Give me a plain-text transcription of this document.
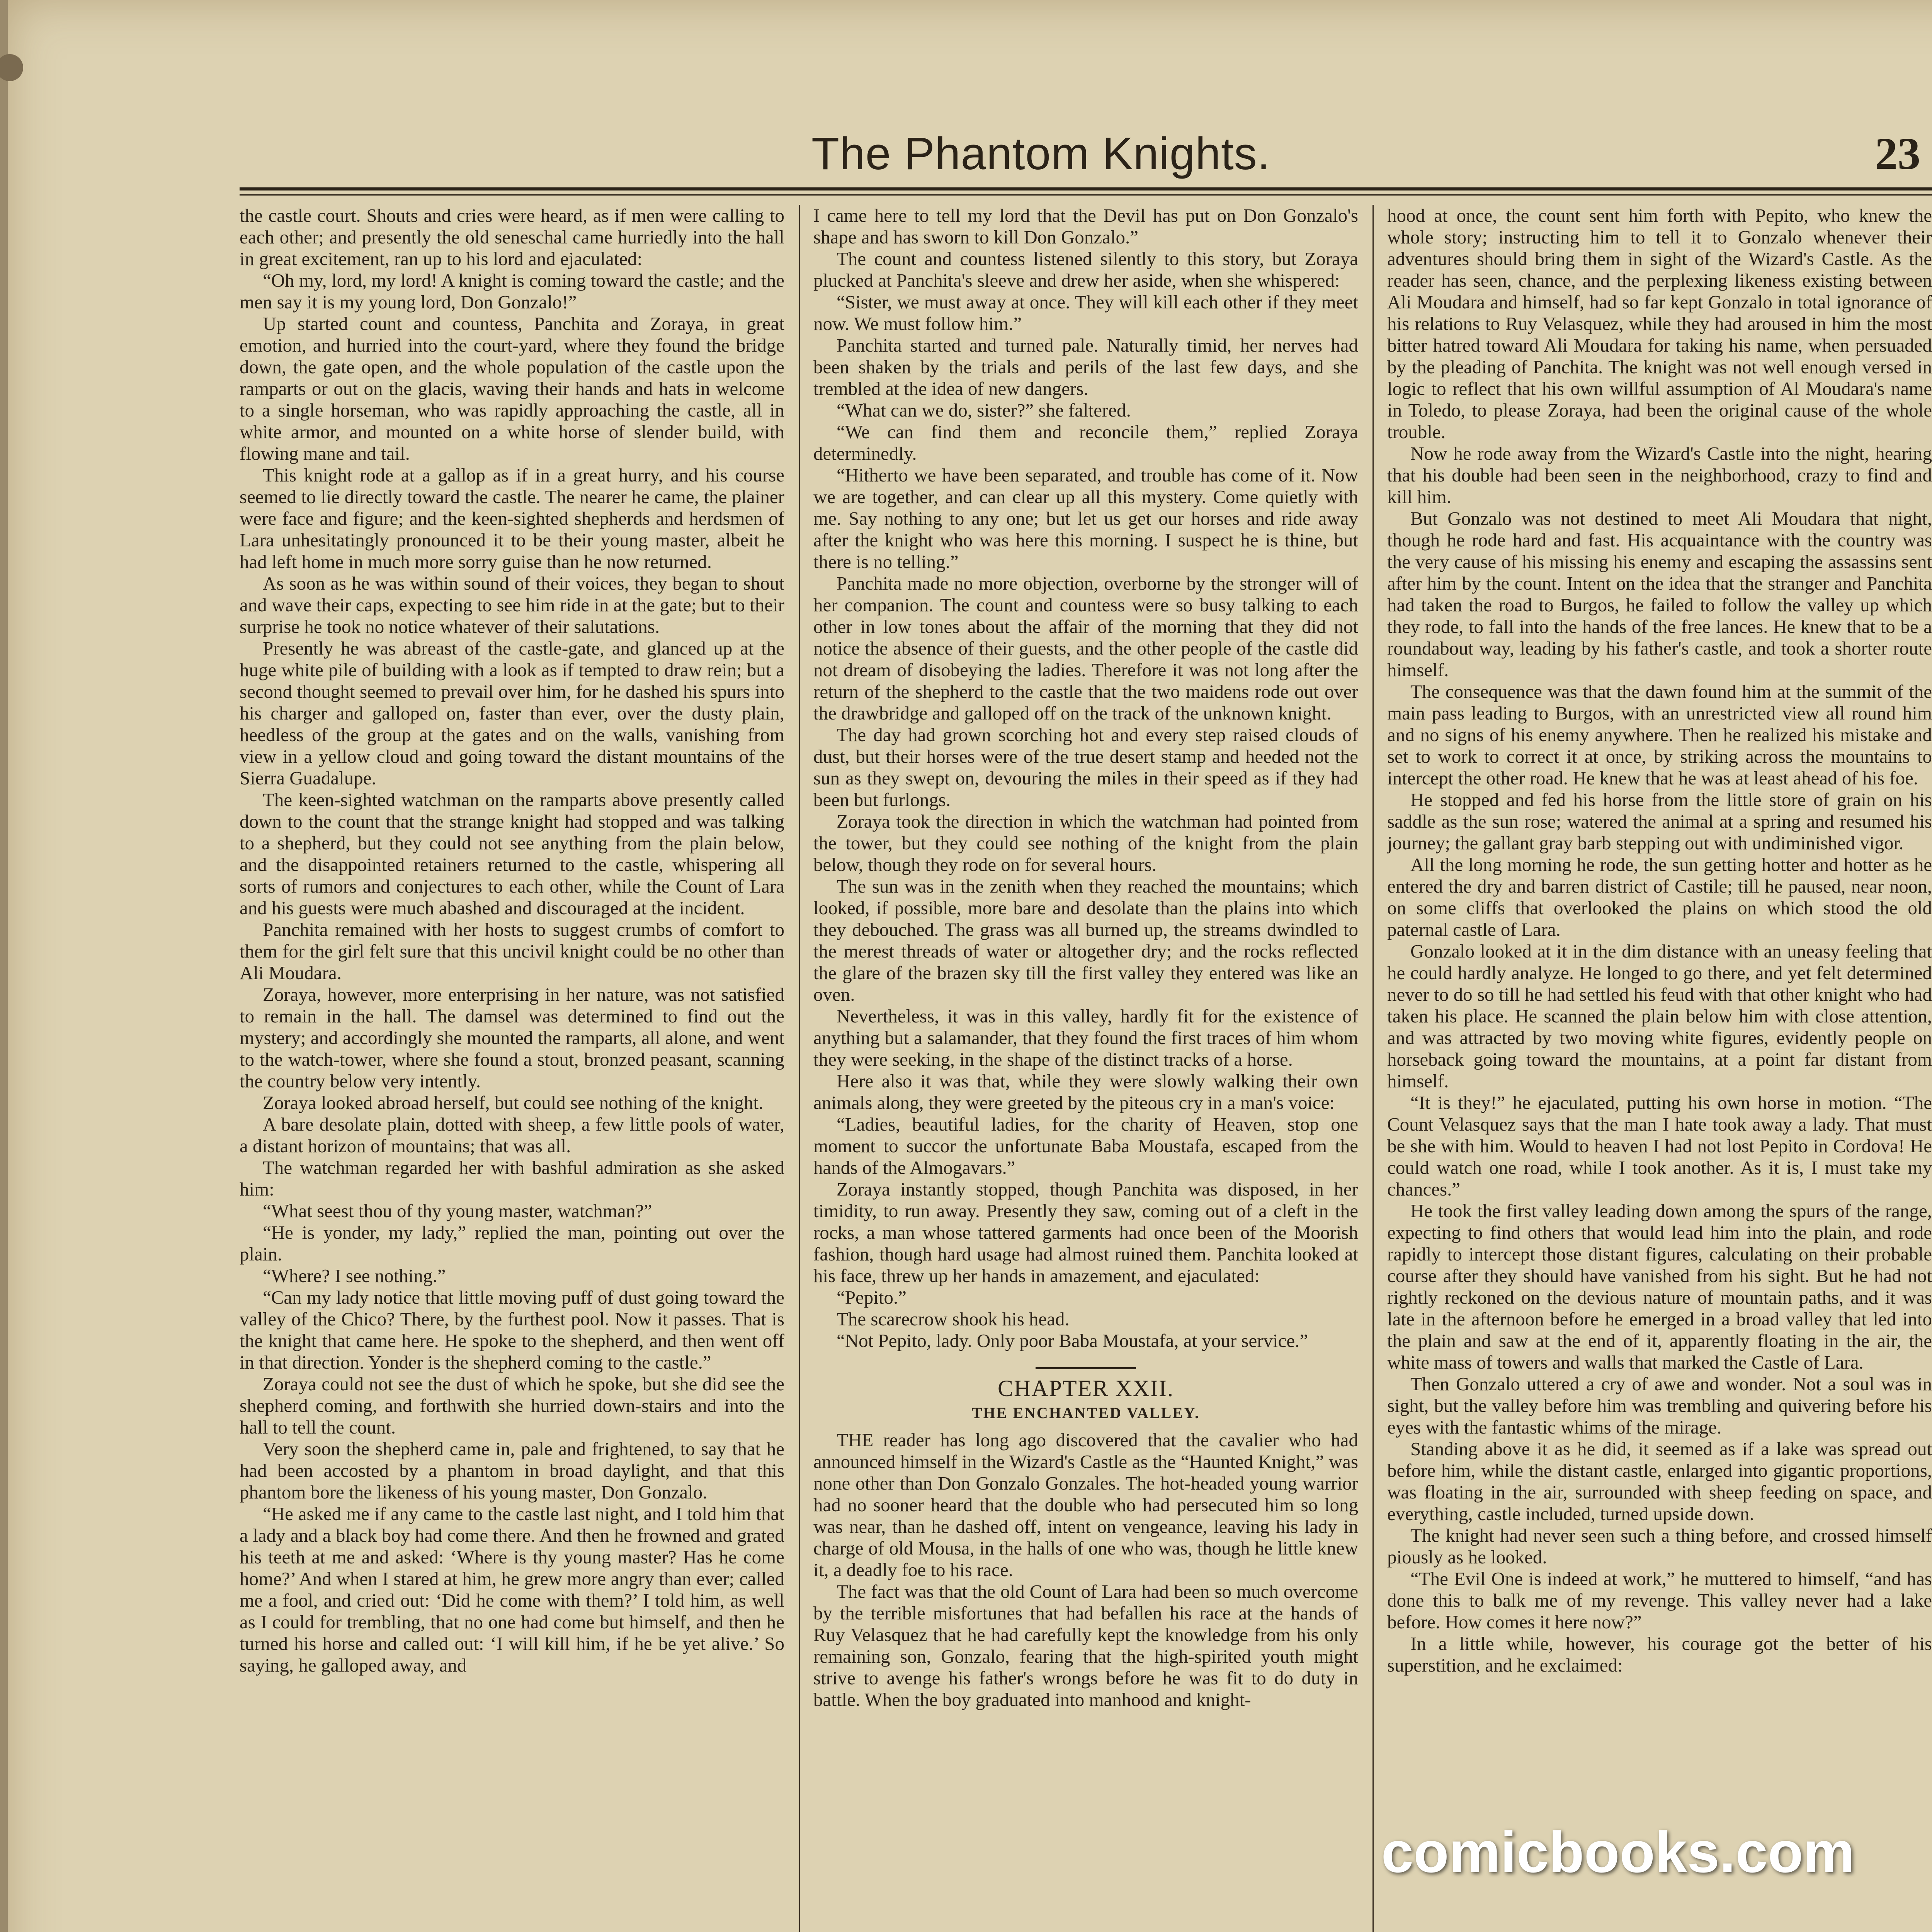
The Phantom Knights.	23

the castle court. Shouts and cries were heard, as if men were calling to each other; and presently the old seneschal came hurriedly into the hall in great excitement, ran up to his lord and ejaculated:

“Oh my, lord, my lord! A knight is coming toward the castle; and the men say it is my young lord, Don Gonzalo!”

Up started count and countess, Panchita and Zoraya, in great emotion, and hurried into the court-yard, where they found the bridge down, the gate open, and the whole population of the castle upon the ramparts or out on the glacis, waving their hands and hats in welcome to a single horseman, who was rapidly approaching the castle, all in white armor, and mounted on a white horse of slender build, with flowing mane and tail.

This knight rode at a gallop as if in a great hurry, and his course seemed to lie directly toward the castle. The nearer he came, the plainer were face and figure; and the keen-sighted shepherds and herdsmen of Lara unhesitatingly pronounced it to be their young master, albeit he had left home in much more sorry guise than he now returned.

As soon as he was within sound of their voices, they began to shout and wave their caps, expecting to see him ride in at the gate; but to their surprise he took no notice whatever of their salutations.

Presently he was abreast of the castle-gate, and glanced up at the huge white pile of building with a look as if tempted to draw rein; but a second thought seemed to prevail over him, for he dashed his spurs into his charger and galloped on, faster than ever, over the dusty plain, heedless of the group at the gates and on the walls, vanishing from view in a yellow cloud and going toward the distant mountains of the Sierra Guadalupe.

The keen-sighted watchman on the ramparts above presently called down to the count that the strange knight had stopped and was talking to a shepherd, but they could not see anything from the plain below, and the disappointed retainers returned to the castle, whispering all sorts of rumors and conjectures to each other, while the Count of Lara and his guests were much abashed and discouraged at the incident.

Panchita remained with her hosts to suggest crumbs of comfort to them for the girl felt sure that this uncivil knight could be no other than Ali Moudara.

Zoraya, however, more enterprising in her nature, was not satisfied to remain in the hall. The damsel was determined to find out the mystery; and accordingly she mounted the ramparts, all alone, and went to the watch-tower, where she found a stout, bronzed peasant, scanning the country below very intently.

Zoraya looked abroad herself, but could see nothing of the knight.

A bare desolate plain, dotted with sheep, a few little pools of water, a distant horizon of mountains; that was all.

The watchman regarded her with bashful admiration as she asked him:

“What seest thou of thy young master, watchman?”

“He is yonder, my lady,” replied the man, pointing out over the plain.

“Where? I see nothing.”

“Can my lady notice that little moving puff of dust going toward the valley of the Chico? There, by the furthest pool. Now it passes. That is the knight that came here. He spoke to the shepherd, and then went off in that direction. Yonder is the shepherd coming to the castle.”

Zoraya could not see the dust of which he spoke, but she did see the shepherd coming, and forthwith she hurried down-stairs and into the hall to tell the count.

Very soon the shepherd came in, pale and frightened, to say that he had been accosted by a phantom in broad daylight, and that this phantom bore the likeness of his young master, Don Gonzalo.

“He asked me if any came to the castle last night, and I told him that a lady and a black boy had come there. And then he frowned and grated his teeth at me and asked: ‘Where is thy young master? Has he come home?’ And when I stared at him, he grew more angry than ever; called me a fool, and cried out: ‘Did he come with them?’ I told him, as well as I could for trembling, that no one had come but himself, and then he turned his horse and called out: ‘I will kill him, if he be yet alive.’ So saying, he galloped away, and

I came here to tell my lord that the Devil has put on Don Gonzalo's shape and has sworn to kill Don Gonzalo.”

The count and countess listened silently to this story, but Zoraya plucked at Panchita's sleeve and drew her aside, when she whispered:

“Sister, we must away at once. They will kill each other if they meet now. We must follow him.”

Panchita started and turned pale. Naturally timid, her nerves had been shaken by the trials and perils of the last few days, and she trembled at the idea of new dangers.

“What can we do, sister?” she faltered.

“We can find them and reconcile them,” replied Zoraya determinedly.

“Hitherto we have been separated, and trouble has come of it. Now we are together, and can clear up all this mystery. Come quietly with me. Say nothing to any one; but let us get our horses and ride away after the knight who was here this morning. I suspect he is thine, but there is no telling.”

Panchita made no more objection, overborne by the stronger will of her companion. The count and countess were so busy talking to each other in low tones about the affair of the morning that they did not notice the absence of their guests, and the other people of the castle did not dream of disobeying the ladies. Therefore it was not long after the return of the shepherd to the castle that the two maidens rode out over the drawbridge and galloped off on the track of the unknown knight.

The day had grown scorching hot and every step raised clouds of dust, but their horses were of the true desert stamp and heeded not the sun as they swept on, devouring the miles in their speed as if they had been but furlongs.

Zoraya took the direction in which the watchman had pointed from the tower, but they could see nothing of the knight from the plain below, though they rode on for several hours.

The sun was in the zenith when they reached the mountains; which looked, if possible, more bare and desolate than the plains into which they debouched. The grass was all burned up, the streams dwindled to the merest threads of water or altogether dry; and the rocks reflected the glare of the brazen sky till the first valley they entered was like an oven.

Nevertheless, it was in this valley, hardly fit for the existence of anything but a salamander, that they found the first traces of him whom they were seeking, in the shape of the distinct tracks of a horse.

Here also it was that, while they were slowly walking their own animals along, they were greeted by the piteous cry in a man's voice:

“Ladies, beautiful ladies, for the charity of Heaven, stop one moment to succor the unfortunate Baba Moustafa, escaped from the hands of the Almogavars.”

Zoraya instantly stopped, though Panchita was disposed, in her timidity, to run away. Presently they saw, coming out of a cleft in the rocks, a man whose tattered garments had once been of the Moorish fashion, though hard usage had almost ruined them. Panchita looked at his face, threw up her hands in amazement, and ejaculated:

“Pepito.”

The scarecrow shook his head.

“Not Pepito, lady. Only poor Baba Moustafa, at your service.”

CHAPTER XXII.
THE ENCHANTED VALLEY.

THE reader has long ago discovered that the cavalier who had announced himself in the Wizard's Castle as the “Haunted Knight,” was none other than Don Gonzalo Gonzales. The hot-headed young warrior had no sooner heard that the double who had persecuted him so long was near, than he dashed off, intent on vengeance, leaving his lady in charge of old Mousa, in the halls of one who was, though he little knew it, a deadly foe to his race.

The fact was that the old Count of Lara had been so much overcome by the terrible misfortunes that had befallen his race at the hands of Ruy Velasquez that he had carefully kept the knowledge from his only remaining son, Gonzalo, fearing that the high-spirited youth might strive to avenge his father's wrongs before he was fit to do duty in battle. When the boy graduated into manhood and knight-

hood at once, the count sent him forth with Pepito, who knew the whole story; instructing him to tell it to Gonzalo whenever their adventures should bring them in sight of the Wizard's Castle. As the reader has seen, chance, and the perplexing likeness existing between Ali Moudara and himself, had so far kept Gonzalo in total ignorance of his relations to Ruy Velasquez, while they had aroused in him the most bitter hatred toward Ali Moudara for taking his name, when persuaded by the pleading of Panchita. The knight was not well enough versed in logic to reflect that his own willful assumption of Al Moudara's name in Toledo, to please Zoraya, had been the original cause of the whole trouble.

Now he rode away from the Wizard's Castle into the night, hearing that his double had been seen in the neighborhood, crazy to find and kill him.

But Gonzalo was not destined to meet Ali Moudara that night, though he rode hard and fast. His acquaintance with the country was the very cause of his missing his enemy and escaping the assassins sent after him by the count. Intent on the idea that the stranger and Panchita had taken the road to Burgos, he failed to follow the valley up which they rode, to fall into the hands of the free lances. He knew that to be a roundabout way, leading by his father's castle, and took a shorter route himself.

The consequence was that the dawn found him at the summit of the main pass leading to Burgos, with an unrestricted view all round him and no signs of his enemy anywhere. Then he realized his mistake and set to work to correct it at once, by striking across the mountains to intercept the other road. He knew that he was at least ahead of his foe.

He stopped and fed his horse from the little store of grain on his saddle as the sun rose; watered the animal at a spring and resumed his journey; the gallant gray barb stepping out with undiminished vigor.

All the long morning he rode, the sun getting hotter and hotter as he entered the dry and barren district of Castile; till he paused, near noon, on some cliffs that overlooked the plains on which stood the old paternal castle of Lara.

Gonzalo looked at it in the dim distance with an uneasy feeling that he could hardly analyze. He longed to go there, and yet felt determined never to do so till he had settled his feud with that other knight who had taken his place. He scanned the plain below him with close attention, and was attracted by two moving white figures, evidently people on horseback going toward the mountains, at a point far distant from himself.

“It is they!” he ejaculated, putting his own horse in motion. “The Count Velasquez says that the man I hate took away a lady. That must be she with him. Would to heaven I had not lost Pepito in Cordova! He could watch one road, while I took another. As it is, I must take my chances.”

He took the first valley leading down among the spurs of the range, expecting to find others that would lead him into the plain, and rode rapidly to intercept those distant figures, calculating on their probable course after they should have vanished from his sight. But he had not rightly reckoned on the devious nature of mountain paths, and it was late in the afternoon before he emerged in a broad valley that led into the plain and saw at the end of it, apparently floating in the air, the white mass of towers and walls that marked the Castle of Lara.

Then Gonzalo uttered a cry of awe and wonder. Not a soul was in sight, but the valley before him was trembling and quivering before his eyes with the fantastic whims of the mirage.

Standing above it as he did, it seemed as if a lake was spread out before him, while the distant castle, enlarged into gigantic proportions, was floating in the air, surrounded with sheep feeding on space, and everything, castle included, turned upside down.

The knight had never seen such a thing before, and crossed himself piously as he looked.

“The Evil One is indeed at work,” he muttered to himself, “and has done this to balk me of my revenge. This valley never had a lake before. How comes it here now?”

In a little while, however, his courage got the better of his superstition, and he exclaimed:

comicbooks.com
